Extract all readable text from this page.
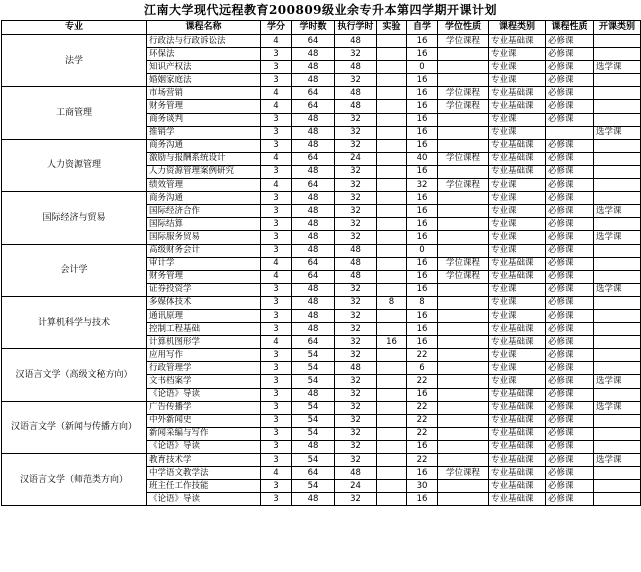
江南大学现代远程教育200809级业余专升本第四学期开课计划
专业	课程名称	学分	学时数	执行学时	实验	自学	学位性质	课程类别	课程性质	开课类别
法学	行政法与行政诉讼法	4	64	48		16	学位课程	专业基础课	必修课	
	环保法	3	48	32		16		专业课	必修课	
	知识产权法	3	48	48		0		专业课	必修课	选学课
	婚姻家庭法	3	48	32		16		专业课	必修课	
工商管理	市场营销	4	64	48		16	学位课程	专业基础课	必修课	
	财务管理	4	64	48		16	学位课程	专业基础课	必修课	
	商务谈判	3	48	32		16		专业课	必修课	
	推销学	3	48	32		16		专业课		选学课
人力资源管理	商务沟通	3	48	32		16		专业基础课	必修课	
	激励与报酬系统设计	4	64	24		40	学位课程	专业基础课	必修课	
	人力资源管理案例研究	3	48	32		16		专业基础课	必修课	
	绩效管理	4	64	32		32	学位课程	专业课	必修课	
国际经济与贸易	商务沟通	3	48	32		16		专业课	必修课	
	国际经济合作	3	48	32		16		专业课	必修课	选学课
	国际结算	3	48	32		16		专业课	必修课	
	国际服务贸易	3	48	32		16		专业课	必修课	选学课
会计学	高级财务会计	3	48	48		0		专业课	必修课	
	审计学	4	64	48		16	学位课程	专业基础课	必修课	
	财务管理	4	64	48		16	学位课程	专业基础课	必修课	
	证券投资学	3	48	32		16		专业课	必修课	选学课
计算机科学与技术	多媒体技术	3	48	32	8	8		专业课	必修课	
	通讯原理	3	48	32		16		专业课	必修课	
	控制工程基础	3	48	32		16		专业基础课	必修课	
	计算机图形学	4	64	32	16	16		专业基础课	必修课	
汉语言文学（高级文秘方向）	应用写作	3	54	32		22		专业课	必修课	
	行政管理学	3	54	48		6		专业课	必修课	
	文书档案学	3	54	32		22		专业课	必修课	选学课
	《论语》导读	3	48	32		16		专业基础课	必修课	
汉语言文学（新闻与传播方向）	广告传播学	3	54	32		22		专业基础课	必修课	选学课
	中外新闻史	3	54	32		22		专业基础课	必修课	
	新闻采编与写作	3	54	32		22		专业基础课	必修课	
	《论语》导读	3	48	32		16		专业基础课	必修课	
汉语言文学（师范类方向）	教育技术学	3	54	32		22		专业基础课	必修课	选学课
	中学语文教学法	4	64	48		16	学位课程	专业基础课	必修课	
	班主任工作技能	3	54	24		30		专业基础课	必修课	
	《论语》导读	3	48	32		16		专业基础课	必修课	
